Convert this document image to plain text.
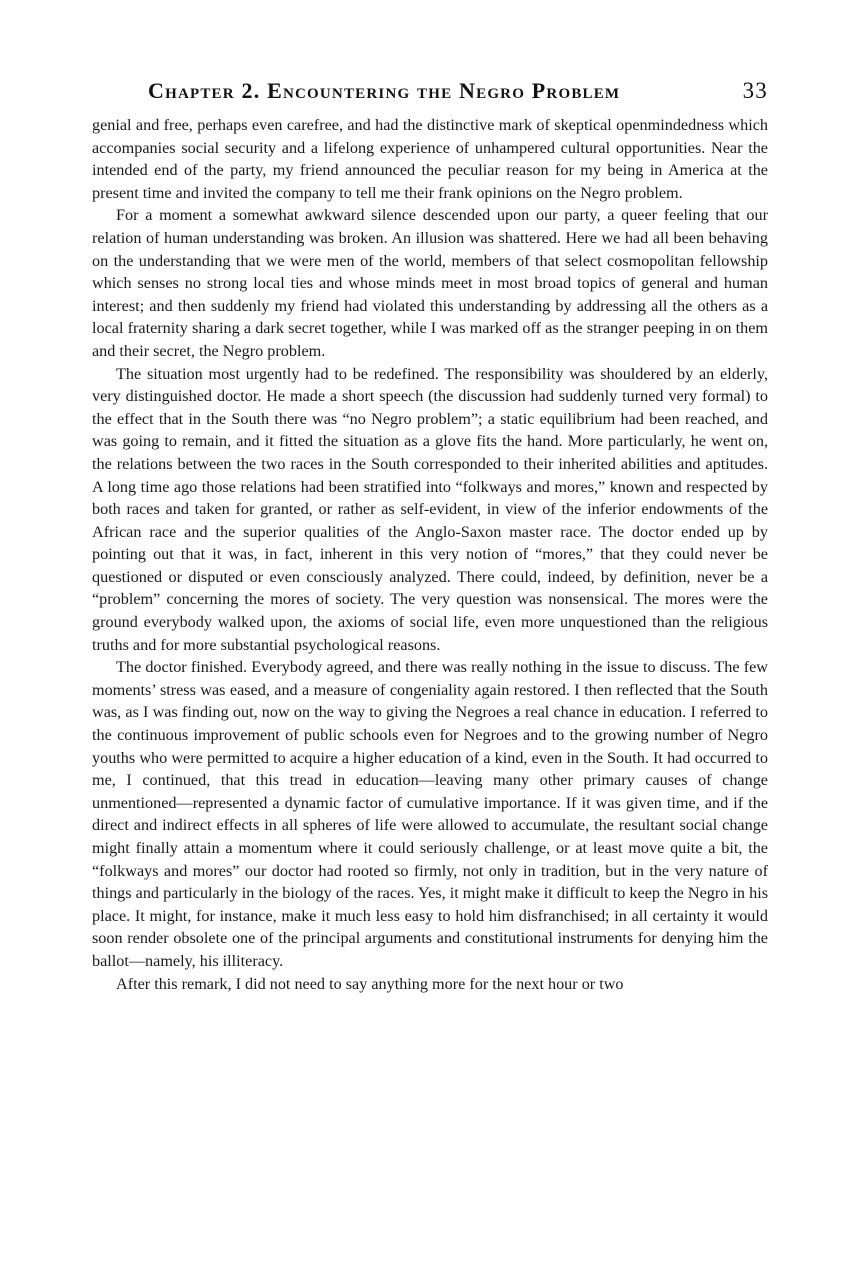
Chapter 2. Encountering the Negro Problem	33

genial and free, perhaps even carefree, and had the distinctive mark of skeptical openmindedness which accompanies social security and a lifelong experience of unhampered cultural opportunities. Near the intended end of the party, my friend announced the peculiar reason for my being in America at the present time and invited the company to tell me their frank opinions on the Negro problem.

For a moment a somewhat awkward silence descended upon our party, a queer feeling that our relation of human understanding was broken. An illusion was shattered. Here we had all been behaving on the understanding that we were men of the world, members of that select cosmopolitan fellowship which senses no strong local ties and whose minds meet in most broad topics of general and human interest; and then suddenly my friend had violated this understanding by addressing all the others as a local fraternity sharing a dark secret together, while I was marked off as the stranger peeping in on them and their secret, the Negro problem.

The situation most urgently had to be redefined. The responsibility was shouldered by an elderly, very distinguished doctor. He made a short speech (the discussion had suddenly turned very formal) to the effect that in the South there was “no Negro problem”; a static equilibrium had been reached, and was going to remain, and it fitted the situation as a glove fits the hand. More particularly, he went on, the relations between the two races in the South corresponded to their inherited abilities and aptitudes. A long time ago those relations had been stratified into “folkways and mores,” known and respected by both races and taken for granted, or rather as self-evident, in view of the inferior endowments of the African race and the superior qualities of the Anglo-Saxon master race. The doctor ended up by pointing out that it was, in fact, inherent in this very notion of “mores,” that they could never be questioned or disputed or even consciously analyzed. There could, indeed, by definition, never be a “problem” concerning the mores of society. The very question was nonsensical. The mores were the ground everybody walked upon, the axioms of social life, even more unquestioned than the religious truths and for more substantial psychological reasons.

The doctor finished. Everybody agreed, and there was really nothing in the issue to discuss. The few moments’ stress was eased, and a measure of congeniality again restored. I then reflected that the South was, as I was finding out, now on the way to giving the Negroes a real chance in education. I referred to the continuous improvement of public schools even for Negroes and to the growing number of Negro youths who were permitted to acquire a higher education of a kind, even in the South. It had occurred to me, I continued, that this tread in education—leaving many other primary causes of change unmentioned—represented a dynamic factor of cumulative importance. If it was given time, and if the direct and indirect effects in all spheres of life were allowed to accumulate, the resultant social change might finally attain a momentum where it could seriously challenge, or at least move quite a bit, the “folkways and mores” our doctor had rooted so firmly, not only in tradition, but in the very nature of things and particularly in the biology of the races. Yes, it might make it difficult to keep the Negro in his place. It might, for instance, make it much less easy to hold him disfranchised; in all certainty it would soon render obsolete one of the principal arguments and constitutional instruments for denying him the ballot—namely, his illiteracy.

After this remark, I did not need to say anything more for the next hour or two
